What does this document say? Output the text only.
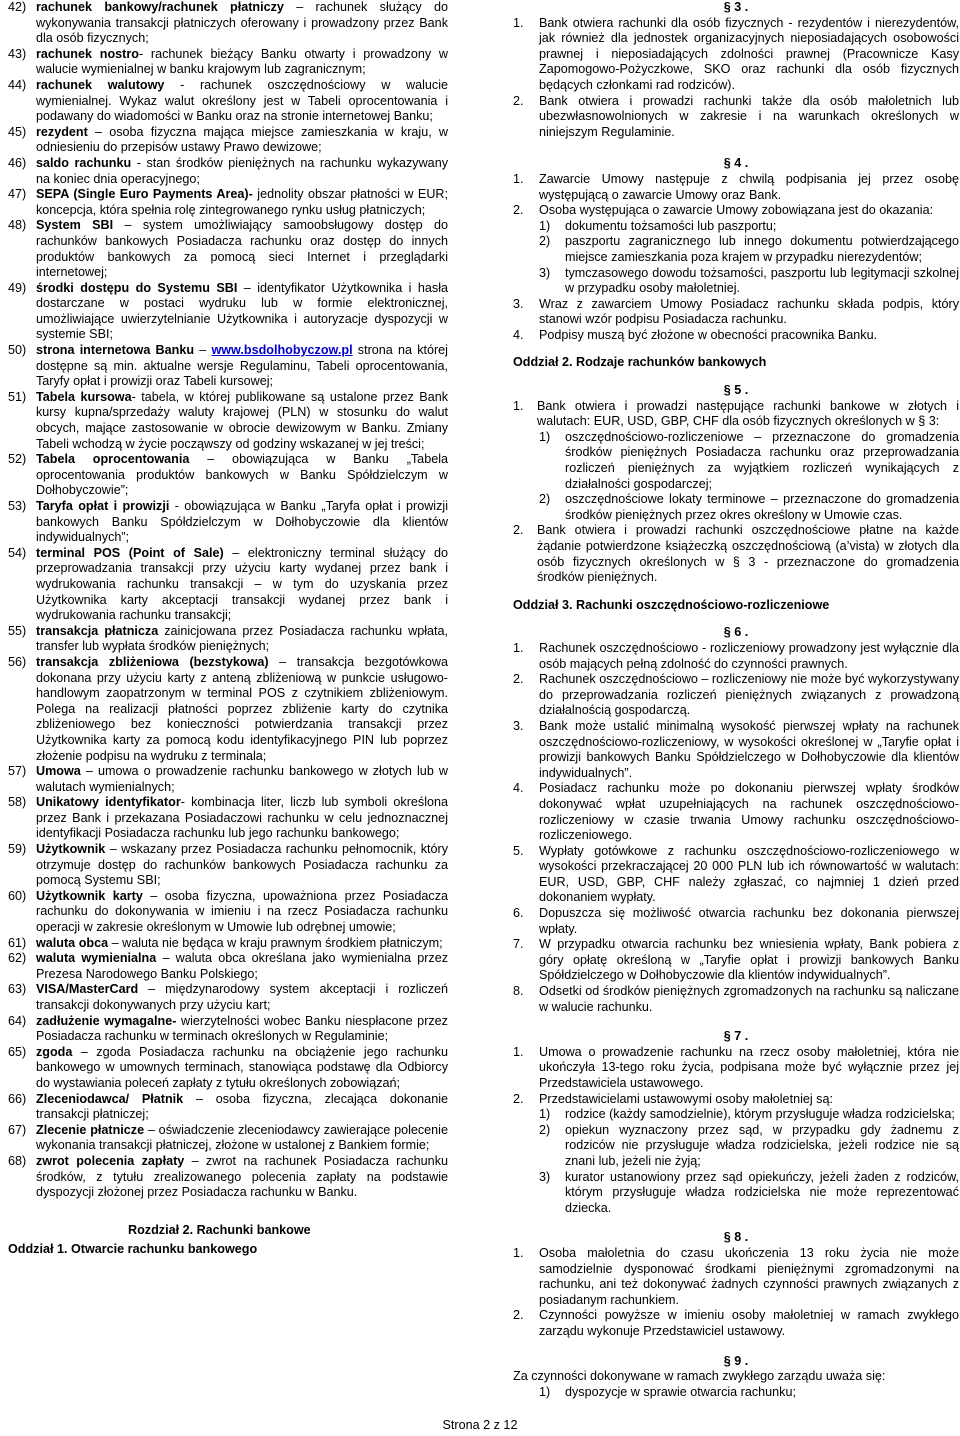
42) rachunek bankowy/rachunek płatniczy – rachunek służący do wykonywania transakcji płatniczych oferowany i prowadzony przez Bank dla osób fizycznych;
43) rachunek nostro- rachunek bieżący Banku otwarty i prowadzony w walucie wymienialnej w banku krajowym lub zagranicznym;
44) rachunek walutowy - rachunek oszczędnościowy w walucie wymienialnej. Wykaz walut określony jest w Tabeli oprocentowania i podawany do wiadomości w Banku oraz na stronie internetowej Banku;
45) rezydent – osoba fizyczna mająca miejsce zamieszkania w kraju, w odniesieniu do przepisów ustawy Prawo dewizowe;
46) saldo rachunku - stan środków pieniężnych na rachunku wykazywany na koniec dnia operacyjnego;
47) SEPA (Single Euro Payments Area)- jednolity obszar płatności w EUR; koncepcja, która spełnia rolę zintegrowanego rynku usług płatniczych;
48) System SBI – system umożliwiający samoobsługowy dostęp do rachunków bankowych Posiadacza rachunku oraz dostęp do innych produktów bankowych za pomocą sieci Internet i przeglądarki internetowej;
49) środki dostępu do Systemu SBI – identyfikator Użytkownika i hasła dostarczane w postaci wydruku lub w formie elektronicznej, umożliwiające uwierzytelnianie Użytkownika i autoryzacje dyspozycji w systemie SBI;
50) strona internetowa Banku – www.bsdolhobyczow.pl strona na której dostępne są min. aktualne wersje Regulaminu, Tabeli oprocentowania, Taryfy opłat i prowizji oraz Tabeli kursowej;
51) Tabela kursowa- tabela, w której publikowane są ustalone przez Bank kursy kupna/sprzedaży waluty krajowej (PLN) w stosunku do walut obcych, mające zastosowanie w obrocie dewizowym w Banku. Zmiany Tabeli wchodzą w życie począwszy od godziny wskazanej w jej treści;
52) Tabela oprocentowania – obowiązująca w Banku „Tabela oprocentowania produktów bankowych w Banku Spółdzielczym w Dołhobyczowie”;
53) Taryfa opłat i prowizji - obowiązująca w Banku „Taryfa opłat i prowizji bankowych Banku Spółdzielczym w Dołhobyczowie dla klientów indywidualnych”;
54) terminal POS (Point of Sale) – elektroniczny terminal służący do przeprowadzania transakcji przy użyciu karty wydanej przez bank i wydrukowania rachunku transakcji – w tym do uzyskania przez Użytkownika karty akceptacji transakcji wydanej przez bank i wydrukowania rachunku transakcji;
55) transakcja płatnicza zainicjowana przez Posiadacza rachunku wpłata, transfer lub wypłata środków pieniężnych;
56) transakcja zbliżeniowa (bezstykowa) – transakcja bezgotówkowa dokonana przy użyciu karty z anteną zbliżeniową w punkcie usługowo-handlowym zaopatrzonym w terminal POS z czytnikiem zbliżeniowym. Polega na realizacji płatności poprzez zbliżenie karty do czytnika zbliżeniowego bez konieczności potwierdzania transakcji przez Użytkownika karty za pomocą kodu identyfikacyjnego PIN lub poprzez złożenie podpisu na wydruku z terminala;
57) Umowa – umowa o prowadzenie rachunku bankowego w złotych lub w walutach wymienialnych;
58) Unikatowy identyfikator- kombinacja liter, liczb lub symboli określona przez Bank i przekazana Posiadaczowi rachunku w celu jednoznacznej identyfikacji Posiadacza rachunku lub jego rachunku bankowego;
59) Użytkownik – wskazany przez Posiadacza rachunku pełnomocnik, który otrzymuje dostęp do rachunków bankowych Posiadacza rachunku za pomocą Systemu SBI;
60) Użytkownik karty – osoba fizyczna, upoważniona przez Posiadacza rachunku do dokonywania w imieniu i na rzecz Posiadacza rachunku operacji w zakresie określonym w Umowie lub odrębnej umowie;
61) waluta obca – waluta nie będąca w kraju prawnym środkiem płatniczym;
62) waluta wymienialna – waluta obca określana jako wymienialna przez Prezesa Narodowego Banku Polskiego;
63) VISA/MasterCard – międzynarodowy system akceptacji i rozliczeń transakcji dokonywanych przy użyciu kart;
64) zadłużenie wymagalne- wierzytelności wobec Banku niespłacone przez Posiadacza rachunku w terminach określonych w Regulaminie;
65) zgoda – zgoda Posiadacza rachunku na obciążenie jego rachunku bankowego w umownych terminach, stanowiąca podstawę dla Odbiorcy do wystawiania poleceń zapłaty z tytułu określonych zobowiązań;
66) Zleceniodawca/ Płatnik – osoba fizyczna, zlecająca dokonanie transakcji płatniczej;
67) Zlecenie płatnicze – oświadczenie zleceniodawcy zawierające polecenie wykonania transakcji płatniczej, złożone w ustalonej z Bankiem formie;
68) zwrot polecenia zapłaty – zwrot na rachunek Posiadacza rachunku środków, z tytułu zrealizowanego polecenia zapłaty na podstawie dyspozycji złożonej przez Posiadacza rachunku w Banku.
Rozdział 2. Rachunki bankowe
Oddział 1. Otwarcie rachunku bankowego
§ 3 .
1.	Bank otwiera rachunki dla osób fizycznych - rezydentów i nierezydentów, jak również dla jednostek organizacyjnych nieposiadających osobowości prawnej i nieposiadających zdolności prawnej (Pracownicze Kasy Zapomogowo-Pożyczkowe, SKO oraz rachunki dla osób fizycznych będących członkami rad rodziców).
2.	Bank otwiera i prowadzi rachunki także dla osób małoletnich lub ubezwłasnowolnionych w zakresie i na warunkach określonych w niniejszym Regulaminie.
§ 4 .
1.	Zawarcie Umowy następuje z chwilą podpisania jej przez osobę występującą o zawarcie Umowy oraz Bank.
2.	Osoba występująca o zawarcie Umowy zobowiązana jest do okazania:
1)	dokumentu tożsamości lub paszportu;
2)	paszportu zagranicznego lub innego dokumentu potwierdzającego miejsce zamieszkania poza krajem w przypadku nierezydentów;
3)	tymczasowego dowodu tożsamości, paszportu lub legitymacji szkolnej w przypadku osoby małoletniej.
3.	Wraz z zawarciem Umowy Posiadacz rachunku składa podpis, który stanowi wzór podpisu Posiadacza rachunku.
4.	Podpisy muszą być złożone w obecności pracownika Banku.
Oddział 2. Rodzaje rachunków bankowych
§ 5 .
1.	Bank otwiera i prowadzi następujące rachunki bankowe w złotych i walutach: EUR, USD, GBP, CHF dla osób fizycznych określonych w § 3:
1)	oszczędnościowo-rozliczeniowe – przeznaczone do gromadzenia środków pieniężnych Posiadacza rachunku oraz przeprowadzania rozliczeń pieniężnych za wyjątkiem rozliczeń wynikających z działalności gospodarczej;
2)	oszczędnościowe lokaty terminowe – przeznaczone do gromadzenia środków pieniężnych przez okres określony w Umowie czas.
2.	Bank otwiera i prowadzi rachunki oszczędnościowe płatne na każde żądanie potwierdzone książeczką oszczędnościową (a’vista) w złotych dla osób fizycznych określonych w § 3 - przeznaczone do gromadzenia środków pieniężnych.
Oddział 3. Rachunki oszczędnościowo-rozliczeniowe
§ 6 .
1.	Rachunek oszczędnościowo - rozliczeniowy prowadzony jest wyłącznie dla osób mających pełną zdolność do czynności prawnych.
2.	Rachunek oszczędnościowo – rozliczeniowy nie może być wykorzystywany do przeprowadzania rozliczeń pieniężnych związanych z prowadzoną działalnością gospodarczą.
3.	Bank może ustalić minimalną wysokość pierwszej wpłaty na rachunek oszczędnościowo-rozliczeniowy, w wysokości określonej w „Taryfie opłat i prowizji bankowych Banku Spółdzielczego w Dołhobyczowie dla klientów indywidualnych”.
4.	Posiadacz rachunku może po dokonaniu pierwszej wpłaty środków dokonywać wpłat uzupełniających na rachunek oszczędnościowo-rozliczeniowy w czasie trwania Umowy rachunku oszczędnościowo-rozliczeniowego.
5.	Wypłaty gotówkowe z rachunku oszczędnościowo-rozliczeniowego w wysokości przekraczającej 20 000 PLN lub ich równowartość w walutach: EUR, USD, GBP, CHF należy zgłaszać, co najmniej 1 dzień przed dokonaniem wypłaty.
6.	Dopuszcza się możliwość otwarcia rachunku bez dokonania pierwszej wpłaty.
7.	W przypadku otwarcia rachunku bez wniesienia wpłaty, Bank pobiera z góry opłatę określoną w „Taryfie opłat i prowizji bankowych Banku Spółdzielczego w Dołhobyczowie dla klientów indywidualnych”.
8.	Odsetki od środków pieniężnych zgromadzonych na rachunku są naliczane w walucie rachunku.
§ 7 .
1.	Umowa o prowadzenie rachunku na rzecz osoby małoletniej, która nie ukończyła 13-tego roku życia, podpisana może być wyłącznie przez jej Przedstawiciela ustawowego.
2.	Przedstawicielami ustawowymi osoby małoletniej są:
1)	rodzice (każdy samodzielnie), którym przysługuje władza rodzicielska;
2)	opiekun wyznaczony przez sąd, w przypadku gdy żadnemu z rodziców nie przysługuje władza rodzicielska, jeżeli rodzice nie są znani lub, jeżeli nie żyją;
3)	kurator ustanowiony przez sąd opiekuńczy, jeżeli żaden z rodziców, którym przysługuje władza rodzicielska nie może reprezentować dziecka.
§ 8 .
1.	Osoba małoletnia do czasu ukończenia 13 roku życia nie może samodzielnie dysponować środkami pieniężnymi zgromadzonymi na rachunku, ani też dokonywać żadnych czynności prawnych związanych z posiadanym rachunkiem.
2.	Czynności powyższe w imieniu osoby małoletniej w ramach zwykłego zarządu wykonuje Przedstawiciel ustawowy.
§ 9 .
Za czynności dokonywane w ramach zwykłego zarządu uważa się:
1)	dyspozycje w sprawie otwarcia rachunku;
Strona 2 z 12
